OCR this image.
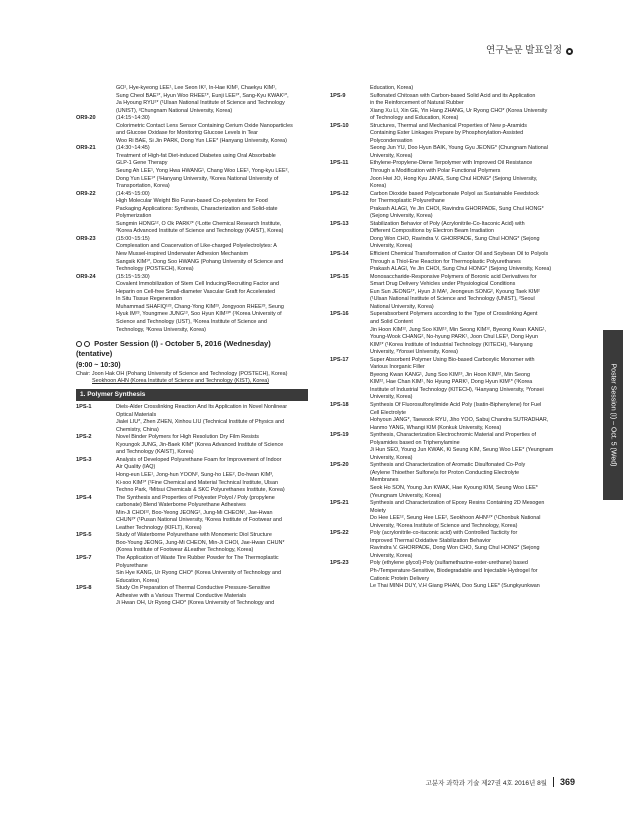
연구논문 발표일정
GO¹, Hye-kyeong LEE¹, Lee Seon IK², In-Hae KIM¹, Chaekyu KIM¹,
Sung Cheol BAE¹*, Hyun Woo RHEE¹*, Eunji LEE²*, Sang-Kyu KWAK¹*,
Ja Hyoung RYU¹* (¹Ulsan National Institute of Science and Technology
(UNIST), ²Chungnam National University, Korea)
OR9-20	(14:15~14:30)
Colorimetric Contact Lens Sensor Containing Cerium Oxide Nanoparticles
and Glucose Oxidase for Monitoring Glucose Levels in Tear
Woo Ri BAE, Si Jin PARK, Dong Yun LEE* (Hanyang University, Korea)
OR9-21	(14:30~14:45)
Treatment of High-fat Diet-induced Diabetes using Oral Absorbable
GLP-1 Gene Therapy
Seung Ah LEE¹, Yong Hwa HWANG¹, Chang Woo LEE¹, Yong-kyu LEE²,
Dong Yun LEE¹* (¹Hanyang University, ²Korea National University of
Transportation, Korea)
OR9-22	(14:45~15:00)
High Molecular Weight Bio Furan-based Co-polyesters for Food
Packaging Applications: Synthesis, Characterization and Solid-state
Polymerization
Sungmin HONG¹², O Ok PARK²* (¹Lotte Chemical Research Institute,
²Korea Advanced Institute of Science and Technology (KAIST), Korea)
OR9-23	(15:00~15:15)
Complexation and Coacervation of Like-charged Polyelectrolytes: A
New Mussel-inspired Underwater Adhesion Mechanism
Sangsik KIM¹*, Dong Soo HWANG (Pohang University of Science and
Technology (POSTECH), Korea)
OR9-24	(15:15~15:30)
Covalent Immobilization of Stem Cell Inducing/Recruiting Factor and
Heparin on Cell-free Small-diameter Vascular Graft for Accelerated
In Situ Tissue Regeneration
Muhammad SHAFIQ¹²³, Chang-Yong KIM²³, Jongyoon RHEE²³, Seung
Hyuk IM²³, Youngmee JUNG¹³, Soo Hyun KIM¹³* (¹Korea University of
Science and Technology (UST), ²Korea Institute of Science and
Technology, ³Korea University, Korea)
Poster Session (I) - October 5, 2016 (Wednesday) (tentative)
(9:00 ~ 10:30)
Chair: Joon Hak OH (Pohang University of Science and Technology (POSTECH), Korea)
Seokhoon AHN (Korea Institute of Science and Technology (KIST), Korea)
1. Polymer Synthesis
1PS-1	Diels-Alder Crosslinking Reaction And Its Application in Novel Nonlinear
Optical Materials
Jialei LIU*, Zhen ZHEN, Xinhou LIU (Technical Institute of Physics and
Chemistry, China)
1PS-2	Novel Binder Polymers for High Resolution Dry Film Resists
Kyoungok JUNG, Jin-Baek KIM* (Korea Advanced Institute of Science
and Technology (KAIST), Korea)
1PS-3	Analysis of Developed Polyurethane Foam for Improvement of Indoor
Air Quality (IAQ)
Hong-eun LEE¹, Jong-hun YOON², Sung-ho LEE², Do-hwan KIM³,
Ki-soo KIM¹* (¹Fine Chemical and Material Technical Institute, Ulsan
Techno Park, ²Mitsui Chemicals & SKC Polyurethanes Institute, Korea)
1PS-4	The Synthesis and Properties of Polyester Polyol / Poly (propylene
carbonate) Blend Waterborne Polyurethane Adhesives
Min-Ji CHOI¹², Boo-Yeong JEONG², Jung-Mi CHEON², Jae-Hwan
CHUN²* (¹Pusan National University, ²Korea Institute of Footwear and
Leather Technology (KIFLT), Korea)
1PS-5	Study of Waterborne Polyurethane with Monomeric Diol Structure
Boo-Young JEONG, Jung-Mi CHEON, Min-Ji CHOI, Jae-Hwan CHUN*
(Korea Institute of Footwear &Leather Technology, Korea)
1PS-7	The Application of Waste Tire Rubber Powder for The Thermoplastic
Polyurethane
Sin Hye KANG, Ur Ryong CHO* (Korea University of Technology and
Education, Korea)
1PS-8	Study On Preparation of Thermal Conductive Pressure-Sensitive
Adhesive with a Various Thermal Conductive Materials
Ji Hwan OH, Ur Ryong CHO* (Korea University of Technology and
Education, Korea)
1PS-9	Sulfonated Chitosan with Carbon-based Solid Acid and its Application
in the Reinforcement of Natural Rubber
Xiang Xu LI, Xin GE, Yin Hang ZHANG, Ur Ryong CHO* (Korea University
of Technology and Education, Korea)
1PS-10	Structures, Thermal and Mechanical Properties of New p-Aramids
Containing Ester Linkages Prepare by Phosphorylation-Assisted
Polycondensation
Seong Jun YU, Doo Hyun BAIK, Young Gyu JEONG* (Chungnam National
University, Korea)
1PS-11	Ethylene-Propylene-Diene Terpolymer with Improved Oil Resistance
Through a Modification with Polar Functional Polymers
Joon Hwi JO, Hong Kyu JANG, Sung Chul HONG* (Sejong University,
Korea)
1PS-12	Carbon Dioxide based Polycarbonate Polyol as Sustainable Feedstock
for Thermoplastic Polyurethane
Prakash ALAGI, Ye Jin CHOI, Ravindra GHORPADE, Sung Chul HONG*
(Sejong University, Korea)
1PS-13	Stabilization Behavior of Poly (Acrylonitrile-Co-Itaconic Acid) with
Different Compositions by Electron Beam Irradiation
Dong Won CHO, Ravindra V. GHORPADE, Sung Chul HONG* (Sejong
University, Korea)
1PS-14	Efficient Chemical Transformation of Castor Oil and Soybean Oil to Polyols
Through a Thiol-Ene Reaction for Thermoplastic Polyurethanes
Prakash ALAGI, Ye Jin CHOI, Sung Chul HONG* (Sejong University, Korea)
1PS-15	Monosaccharide-Responsive Polymers of Boronic acid Derivatives for
Smart Drug Delivery Vehicles under Physiological Conditions
Eun Sun JEONG¹*, Hyun Ji MA², Jeongeun SONG², Kyoung Taek KIM²
(¹Ulsan National Institute of Science and Technology (UNIST), ²Seoul
National University, Korea)
1PS-16	Superabsorbent Polymers according to the Type of Crosslinking Agent
and Solid Content
Jin Hoon KIM¹², Jung Soo KIM¹³, Min Seong KIM¹², Byeong Kwan KANG¹,
Young-Wook CHANG², No-hyung PARK¹, Joon Chul LEE³, Dong Hyun
KIM¹* (¹Korea Institute of Industrial Technology (KITECH), ²Hanyang
University, ³Yonsei University, Korea)
1PS-17	Super Absorbent Polymer Using Bio-based Carboxylic Monomer with
Various Inorganic Filler
Byeong Kwan KANG¹, Jung Soo KIM¹³, Jin Hoon KIM¹², Min Seong
KIM¹², Hae Chan KIM¹, No Hyung PARK¹, Dong Hyun KIM¹* (¹Korea
Institute of Industrial Technology (KITECH), ²Hanyang University, ³Yonsei
University, Korea)
1PS-18	Synthesis Of Fluorosulfonylimide Acid Poly (Isatin-Biphenylene) for Fuel
Cell Electrolyte
Hohyoun JANG*, Taewook RYU, Jiho YOO, Sabuj Chandra SUTRADHAR,
Hanmo YANG, Whangi KIM (Konkuk University, Korea)
1PS-19	Synthesis, Characterization Electrochromic Material and Properties of
Polyamides based on Triphenylamine
Ji Hun SEO, Young Jun KWAK, Ki Seung KIM, Seung Woo LEE* (Yeungnam
University, Korea)
1PS-20	Synthesis and Characterization of Aromatic Disulfonated Co-Poly
(Arylene Thioether Sulfone)s for Proton Conducting Electrolyte
Membranes
Seok Ho SON, Young Jun KWAK, Hae Kyoung KIM, Seung Woo LEE*
(Yeungnam University, Korea)
1PS-21	Synthesis and Characterization of Epoxy Resins Containing 2D Mesogen
Moiety
Do Hee LEE¹², Seung Hee LEE², Seokhoon AHN¹²* (¹Chonbuk National
University, ²Korea Institute of Science and Technology, Korea)
1PS-22	Poly (acrylonitrile-co-itaconic acid) with Controlled Tacticity for
Improved Thermal Oxidative Stabilization Behavior
Ravindra V. GHORPADE, Dong Won CHO, Sung Chul HONG* (Sejong
University, Korea)
1PS-23	Poly (ethylene glycol)-Poly (sulfamethazine-ester-urethane) based
Ph-/Temperature-Sensitive, Biodegradable and Injectable Hydrogel for
Cationic Protein Delivery
Le Thai MINH DUY, V.H Giang PHAN, Doo Sung LEE* (Sungkyunkwan
Poster Session (I) – Oct. 5 (Wed)
고분자 과학과 기술 제27권 4호 2016년 8월 369
